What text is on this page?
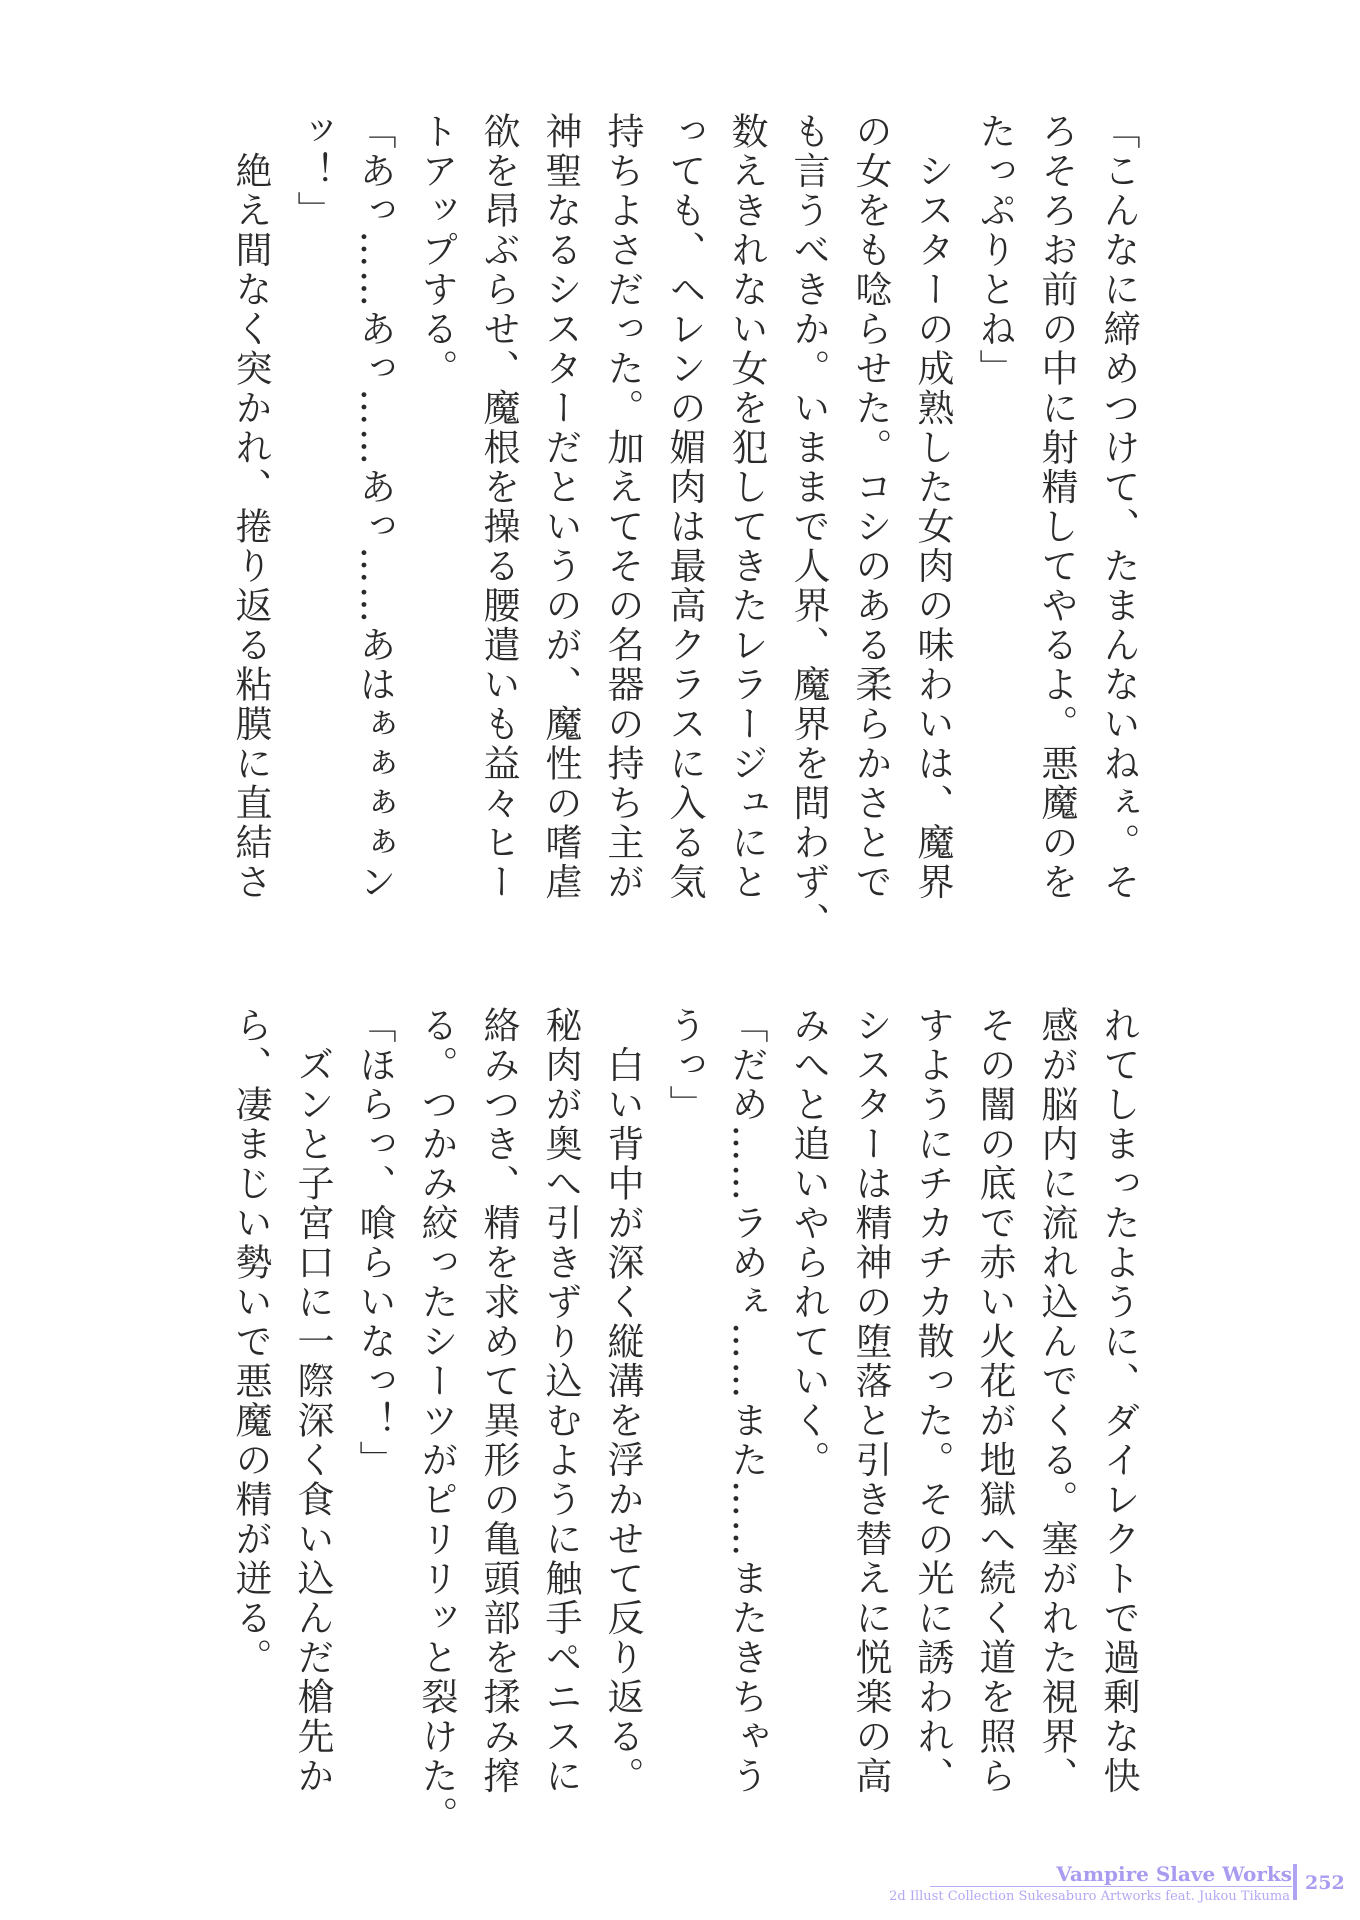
「こんなに締めつけて、たまんないねぇ。そ
ろそろお前の中に射精してやるよ。悪魔のを
たっぷりとね」
　シスターの成熟した女肉の味わいは、魔界
の女をも唸らせた。コシのある柔らかさとで
も言うべきか。いままで人界、魔界を問わず、
数えきれない女を犯してきたレラージュにと
っても、ヘレンの媚肉は最高クラスに入る気
持ちよさだった。加えてその名器の持ち主が
神聖なるシスターだというのが、魔性の嗜虐
欲を昂ぶらせ、魔根を操る腰遣いも益々ヒー
トアップする。
「あっ……あっ……あっ……あはぁぁぁぁン
ッ！」
　絶え間なく突かれ、捲り返る粘膜に直結さ
れてしまったように、ダイレクトで過剰な快
感が脳内に流れ込んでくる。塞がれた視界、
その闇の底で赤い火花が地獄へ続く道を照ら
すようにチカチカ散った。その光に誘われ、
シスターは精神の堕落と引き替えに悦楽の高
みへと追いやられていく。
「だめ……ラめぇ……また……またきちゃう
うっ」
　白い背中が深く縦溝を浮かせて反り返る。
秘肉が奥へ引きずり込むように触手ペニスに
絡みつき、精を求めて異形の亀頭部を揉み搾
る。つかみ絞ったシーツがピリリッと裂けた。
「ほらっ、喰らいなっ！」
　ズンと子宮口に一際深く食い込んだ槍先か
ら、凄まじい勢いで悪魔の精が迸る。
Vampire Slave Works
2d Illust Collection Sukesaburo Artworks feat. Jukou Tikuma
252
